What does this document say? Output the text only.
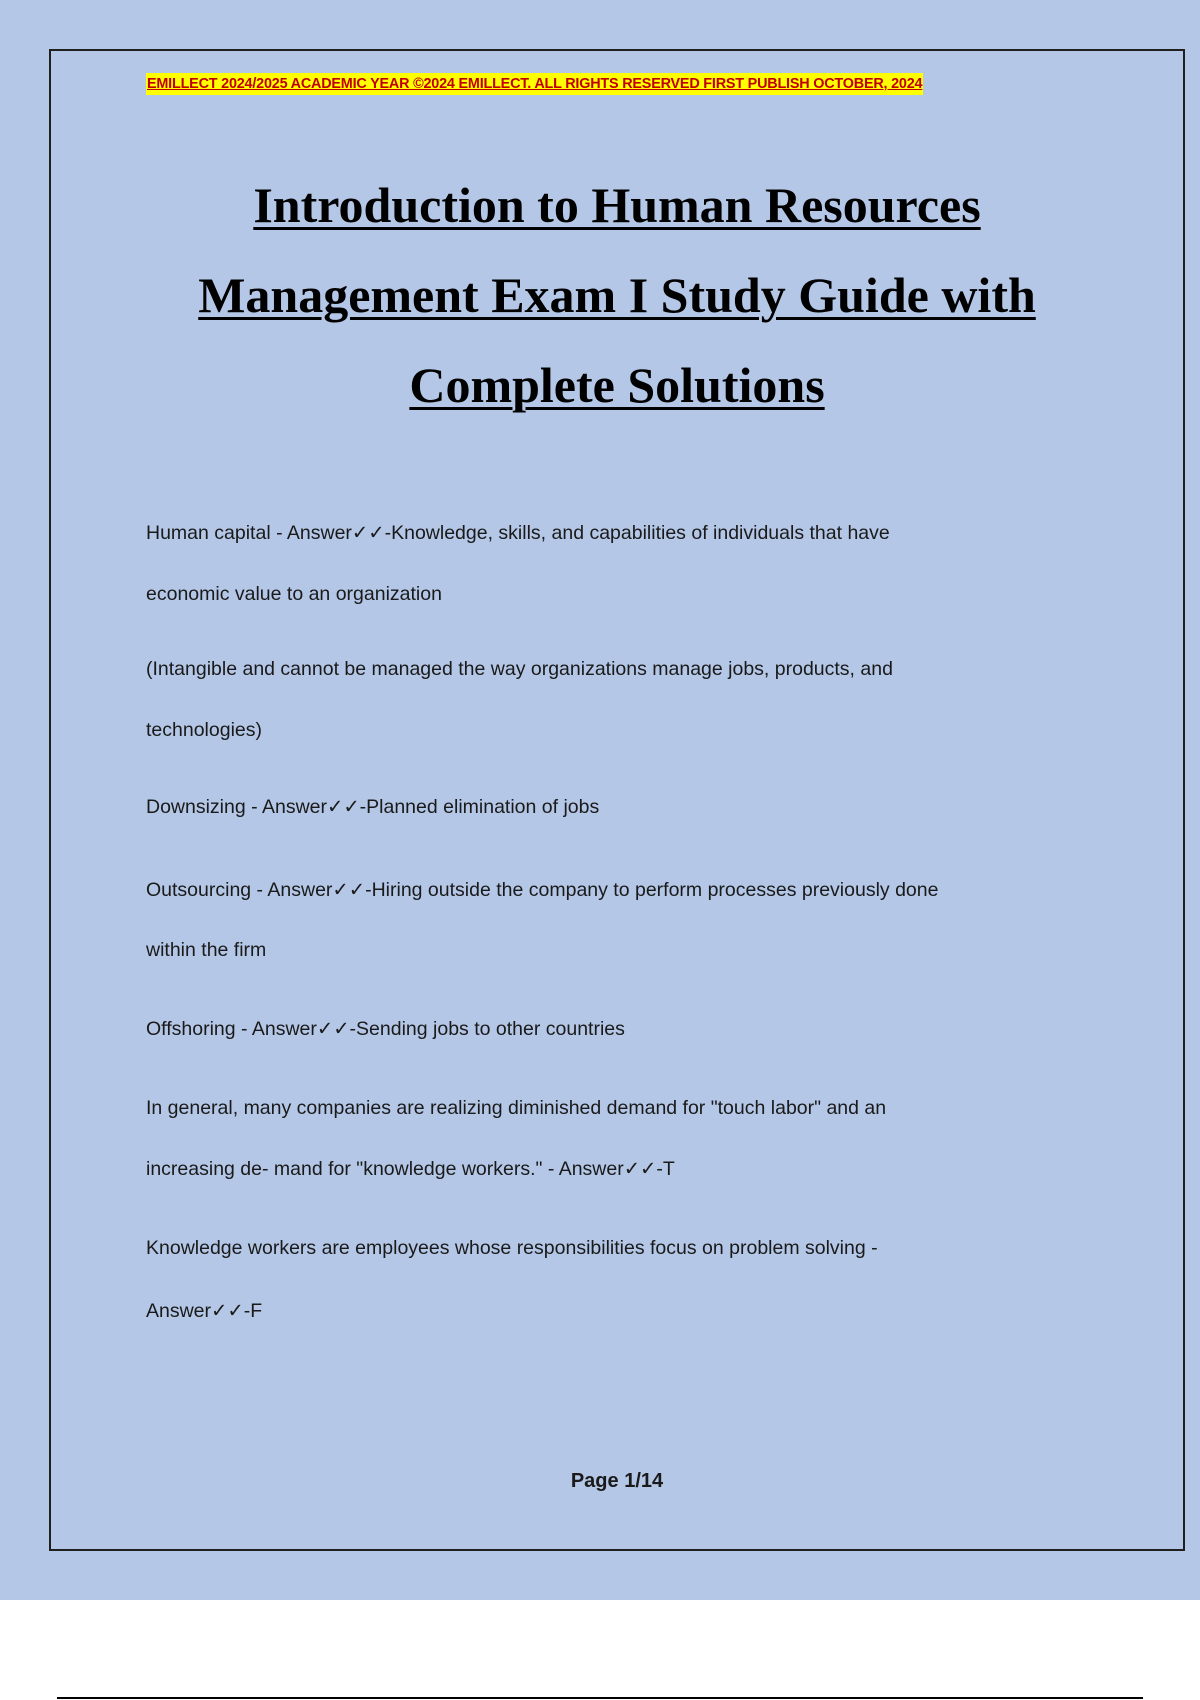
EMILLECT 2024/2025 ACADEMIC YEAR ©2024 EMILLECT. ALL RIGHTS RESERVED FIRST PUBLISH OCTOBER, 2024
Introduction to Human Resources
Management Exam I Study Guide with
Complete Solutions
Human capital - Answer✓✓-Knowledge, skills, and capabilities of individuals that have
economic value to an organization
(Intangible and cannot be managed the way organizations manage jobs, products, and
technologies)
Downsizing - Answer✓✓-Planned elimination of jobs
Outsourcing - Answer✓✓-Hiring outside the company to perform processes previously done
within the firm
Offshoring - Answer✓✓-Sending jobs to other countries
In general, many companies are realizing diminished demand for "touch labor" and an
increasing de- mand for "knowledge workers." - Answer✓✓-T
Knowledge workers are employees whose responsibilities focus on problem solving -
Answer✓✓-F
Page 1/14
